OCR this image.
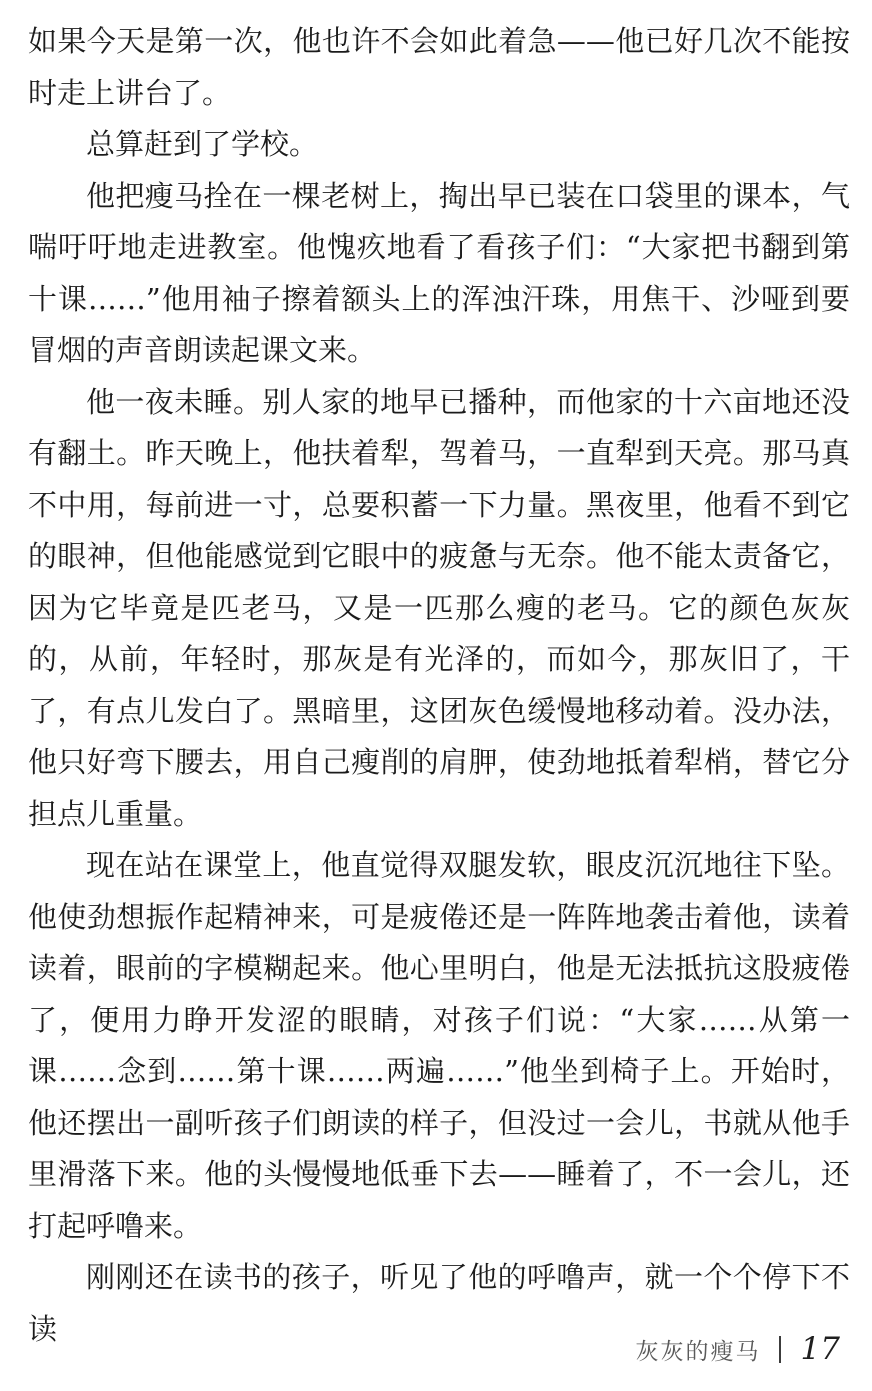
如果今天是第一次，他也许不会如此着急——他已好几次不能按时走上讲台了。

总算赶到了学校。

他把瘦马拴在一棵老树上，掏出早已装在口袋里的课本，气喘吁吁地走进教室。他愧疚地看了看孩子们：“大家把书翻到第十课……”他用袖子擦着额头上的浑浊汗珠，用焦干、沙哑到要冒烟的声音朗读起课文来。

他一夜未睡。别人家的地早已播种，而他家的十六亩地还没有翻土。昨天晚上，他扶着犁，驾着马，一直犁到天亮。那马真不中用，每前进一寸，总要积蓄一下力量。黑夜里，他看不到它的眼神，但他能感觉到它眼中的疲惫与无奈。他不能太责备它，因为它毕竟是匹老马，又是一匹那么瘦的老马。它的颜色灰灰的，从前，年轻时，那灰是有光泽的，而如今，那灰旧了，干了，有点儿发白了。黑暗里，这团灰色缓慢地移动着。没办法，他只好弯下腰去，用自己瘦削的肩胛，使劲地抵着犁梢，替它分担点儿重量。

现在站在课堂上，他直觉得双腿发软，眼皮沉沉地往下坠。他使劲想振作起精神来，可是疲倦还是一阵阵地袭击着他，读着读着，眼前的字模糊起来。他心里明白，他是无法抵抗这股疲倦了，便用力睁开发涩的眼睛，对孩子们说：“大家……从第一课……念到……第十课……两遍……”他坐到椅子上。开始时，他还摆出一副听孩子们朗读的样子，但没过一会儿，书就从他手里滑落下来。他的头慢慢地低垂下去——睡着了，不一会儿，还打起呼噜来。

刚刚还在读书的孩子，听见了他的呼噜声，就一个个停下不读

灰灰的瘦马 17
